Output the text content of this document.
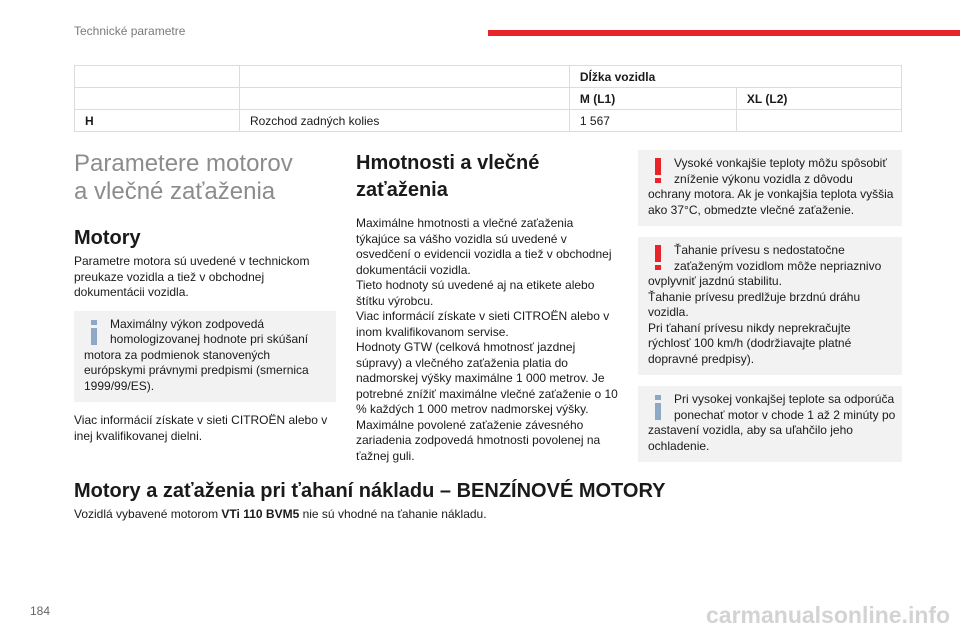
Technické parametre
		Dĺžka vozidla	
		M (L1)	XL (L2)
H	Rozchod zadných kolies	1 567	
Parametere motorov
a vlečné zaťaženia
Motory

Parametre motora sú uvedené v technickom preukaze vozidla a tiež v obchodnej dokumentácii vozidla.

Maximálny výkon zodpovedá homologizovanej hodnote pri skúšaní motora za podmienok stanovených európskymi právnymi predpismi (smernica 1999/99/ES).

Viac informácií získate v sieti CITROËN alebo v inej kvalifikovanej dielni.

Hmotnosti a vlečné
zaťaženia

Maximálne hmotnosti a vlečné zaťaženia týkajúce sa vášho vozidla sú uvedené v osvedčení o evidencii vozidla a tiež v obchodnej dokumentácii vozidla.

Tieto hodnoty sú uvedené aj na etikete alebo štítku výrobcu.

Viac informácií získate v sieti CITROËN alebo v inom kvalifikovanom servise.

Hodnoty GTW (celková hmotnosť jazdnej súpravy) a vlečného zaťaženia platia do nadmorskej výšky maximálne 1 000 metrov. Je potrebné znížiť maximálne vlečné zaťaženie o 10 % každých 1 000 metrov nadmorskej výšky.

Maximálne povolené zaťaženie závesného zariadenia zodpovedá hmotnosti povolenej na ťažnej guli.

Vysoké vonkajšie teploty môžu spôsobiť zníženie výkonu vozidla z dôvodu ochrany motora. Ak je vonkajšia teplota vyššia ako 37°C, obmedzte vlečné zaťaženie.
Ťahanie prívesu s nedostatočne zaťaženým vozidlom môže nepriaznivo ovplyvniť jazdnú stabilitu.
Ťahanie prívesu predlžuje brzdnú dráhu vozidla.
Pri ťahaní prívesu nikdy neprekračujte rýchlosť 100 km/h (dodržiavajte platné dopravné predpisy).
Pri vysokej vonkajšej teplote sa odporúča ponechať motor v chode 1 až 2 minúty po zastavení vozidla, aby sa uľahčilo jeho ochladenie.
Motory a zaťaženia pri ťahaní nákladu – BENZÍNOVÉ MOTORY
Vozidlá vybavené motorom VTi 110 BVM5 nie sú vhodné na ťahanie nákladu.
184	carmanualsonline.info
